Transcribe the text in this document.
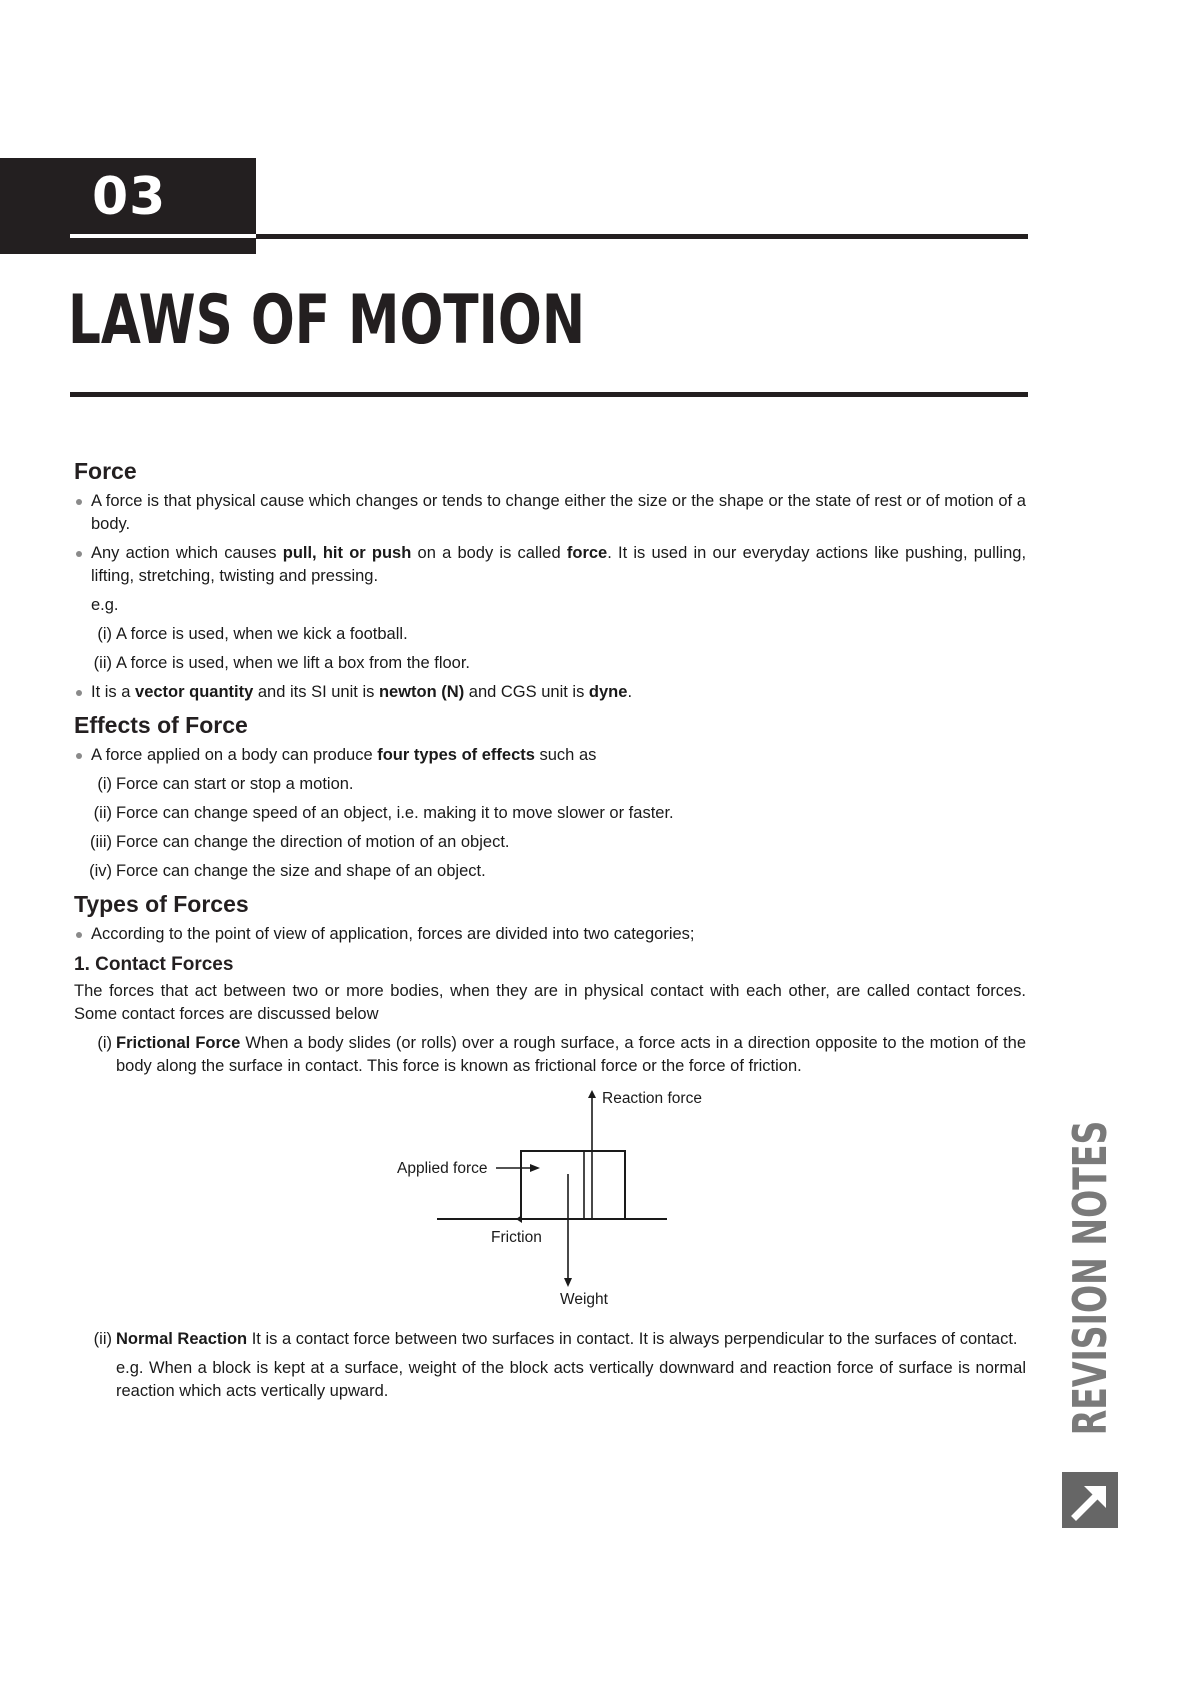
03
LAWS OF MOTION
Force

A force is that physical cause which changes or tends to change either the size or the shape or the state of rest or of motion of a body.

Any action which causes pull, hit or push on a body is called force. It is used in our everyday actions like pushing, pulling, lifting, stretching, twisting and pressing.

e.g.

(i) A force is used, when we kick a football.

(ii) A force is used, when we lift a box from the floor.

It is a vector quantity and its SI unit is newton (N) and CGS unit is dyne.

Effects of Force

A force applied on a body can produce four types of effects such as

(i) Force can start or stop a motion.

(ii) Force can change speed of an object, i.e. making it to move slower or faster.

(iii) Force can change the direction of motion of an object.

(iv) Force can change the size and shape of an object.

Types of Forces

According to the point of view of application, forces are divided into two categories;

1. Contact Forces

The forces that act between two or more bodies, when they are in physical contact with each other, are called contact forces. Some contact forces are discussed below

(i) Frictional Force When a body slides (or rolls) over a rough surface, a force acts in a direction opposite to the motion of the body along the surface in contact. This force is known as frictional force or the force of friction.

Reaction force
Applied force
Friction
Weight

(ii) Normal Reaction It is a contact force between two surfaces in contact. It is always perpendicular to the surfaces of contact.

e.g. When a block is kept at a surface, weight of the block acts vertically downward and reaction force of surface is normal reaction which acts vertically upward.	REVISION NOTES
